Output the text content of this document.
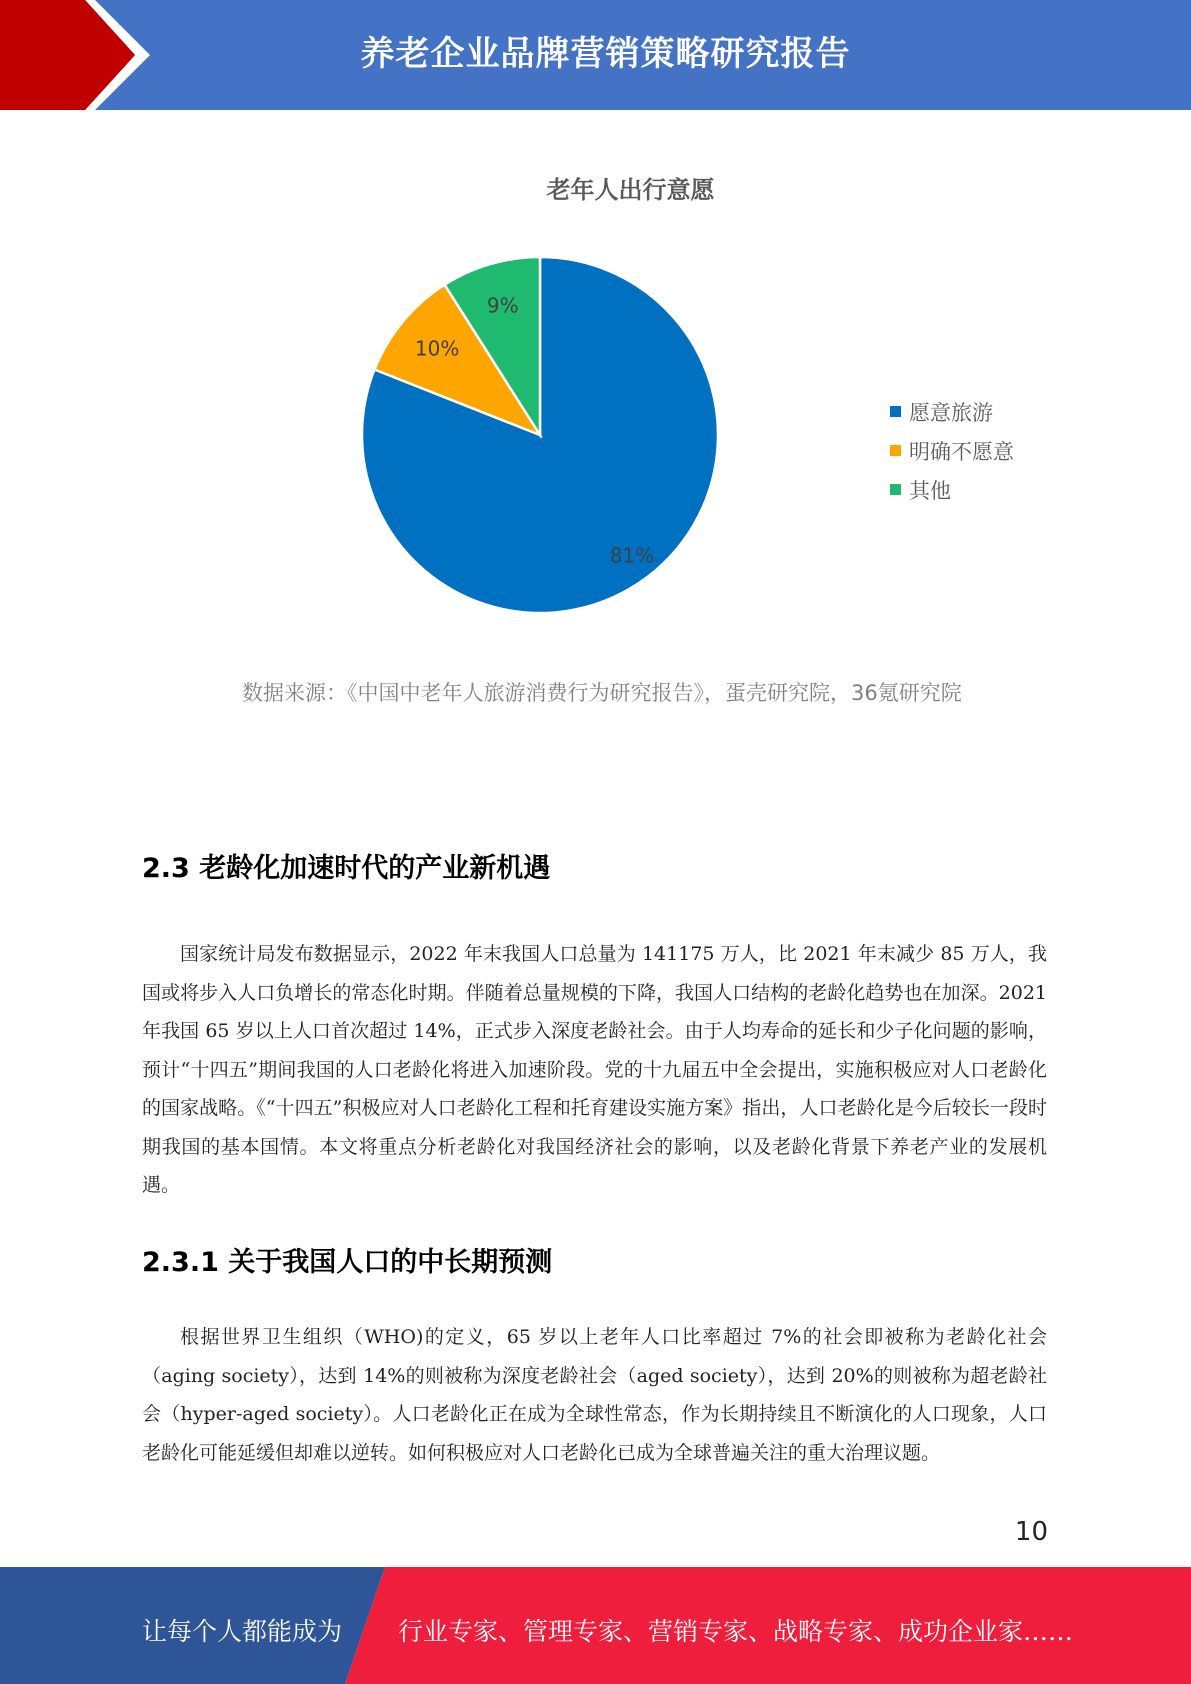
养老企业品牌营销策略研究报告
老年人出行意愿
81%
10%
9%
愿意旅游
明确不愿意
其他
数据来源：《中国中老年人旅游消费行为研究报告》，蛋壳研究院，36氪研究院
2.3 老龄化加速时代的产业新机遇

国家统计局发布数据显示，2022 年末我国人口总量为 141175 万人，比 2021 年末减少 85 万人，我国或将步入人口负增长的常态化时期。伴随着总量规模的下降，我国人口结构的老龄化趋势也在加深。2021 年我国 65 岁以上人口首次超过 14%，正式步入深度老龄社会。由于人均寿命的延长和少子化问题的影响，预计“十四五”期间我国的人口老龄化将进入加速阶段。党的十九届五中全会提出，实施积极应对人口老龄化的国家战略。《“十四五”积极应对人口老龄化工程和托育建设实施方案》指出，人口老龄化是今后较长一段时期我国的基本国情。本文将重点分析老龄化对我国经济社会的影响，以及老龄化背景下养老产业的发展机遇。

2.3.1 关于我国人口的中长期预测

根据世界卫生组织（WHO)的定义，65 岁以上老年人口比率超过 7%的社会即被称为老龄化社会（aging society），达到 14%的则被称为深度老龄社会（aged society），达到 20%的则被称为超老龄社会（hyper-aged society）。人口老龄化正在成为全球性常态，作为长期持续且不断演化的人口现象，人口老龄化可能延缓但却难以逆转。如何积极应对人口老龄化已成为全球普遍关注的重大治理议题。

10
让每个人都能成为 行业专家、管理专家、营销专家、战略专家、成功企业家……
